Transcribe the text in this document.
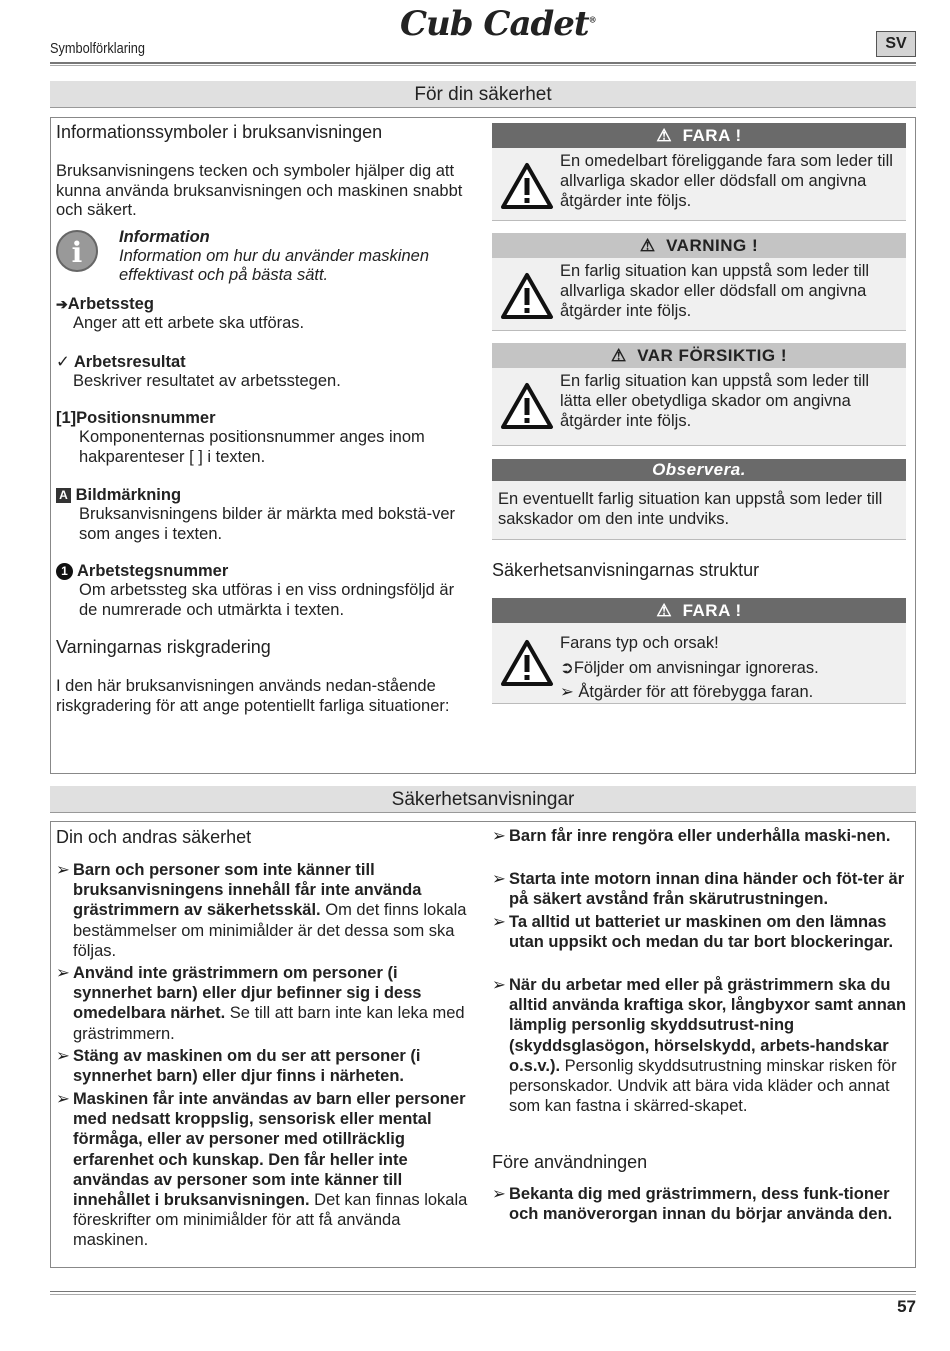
Symbolförklaring
Cub Cadet®
SV
För din säkerhet
Informationssymboler i bruksanvisningen
Bruksanvisningens tecken och symboler hjälper dig att kunna använda bruksanvisningen och maskinen snabbt och säkert.
i	Information
Information om hur du använder maskinen effektivast och på bästa sätt.
➔Arbetssteg
Anger att ett arbete ska utföras.
✓ Arbetsresultat
Beskriver resultatet av arbetsstegen.
[1]Positionsnummer
Komponenternas positionsnummer anges inom hakparenteser [ ] i texten.
A Bildmärkning
Bruksanvisningens bilder är märkta med bokstä-ver som anges i texten.
1 Arbetstegsnummer
Om arbetssteg ska utföras i en viss ordningsföljd är de numrerade och utmärkta i texten.
Varningarnas riskgradering
I den här bruksanvisningen används nedan-stående riskgradering för att ange potentiellt farliga situationer:
⚠ FARA !
En omedelbart föreliggande fara som leder till allvarliga skador eller dödsfall om angivna åtgärder inte följs.
⚠ VARNING !
En farlig situation kan uppstå som leder till allvarliga skador eller dödsfall om angivna åtgärder inte följs.
⚠ VAR FÖRSIKTIG !
En farlig situation kan uppstå som leder till lätta eller obetydliga skador om angivna åtgärder inte följs.
Observera.
En eventuellt farlig situation kan uppstå som leder till sakskador om den inte undviks.
Säkerhetsanvisningarnas struktur
⚠ FARA !
Farans typ och orsak!
➲Följder om anvisningar ignoreras.
➢ Åtgärder för att förebygga faran.
Säkerhetsanvisningar
Din och andras säkerhet
➢ Barn och personer som inte känner till bruksanvisningens innehåll får inte använda grästrimmern av säkerhetsskäl. Om det finns lokala bestämmelser om minimiålder är det dessa som ska följas.
➢ Använd inte grästrimmern om personer (i synnerhet barn) eller djur befinner sig i dess omedelbara närhet. Se till att barn inte kan leka med grästrimmern.
➢ Stäng av maskinen om du ser att personer (i synnerhet barn) eller djur finns i närheten.
➢ Maskinen får inte användas av barn eller personer med nedsatt kroppslig, sensorisk eller mental förmåga, eller av personer med otillräcklig erfarenhet och kunskap. Den får heller inte användas av personer som inte känner till innehållet i bruksanvisningen. Det kan finnas lokala föreskrifter om minimiålder för att få använda maskinen.
➢ Barn får inre rengöra eller underhålla maski-nen.
➢ Starta inte motorn innan dina händer och föt-ter är på säkert avstånd från skärutrustningen.
➢ Ta alltid ut batteriet ur maskinen om den lämnas utan uppsikt och medan du tar bort blockeringar.
➢ När du arbetar med eller på grästrimmern ska du alltid använda kraftiga skor, långbyxor samt annan lämplig personlig skyddsutrust-ning (skyddsglasögon, hörselskydd, arbets-handskar o.s.v.). Personlig skyddsutrustning minskar risken för personskador. Undvik att bära vida kläder och annat som kan fastna i skärred-skapet.
Före användningen
➢ Bekanta dig med grästrimmern, dess funk-tioner och manöverorgan innan du börjar använda den.
57
